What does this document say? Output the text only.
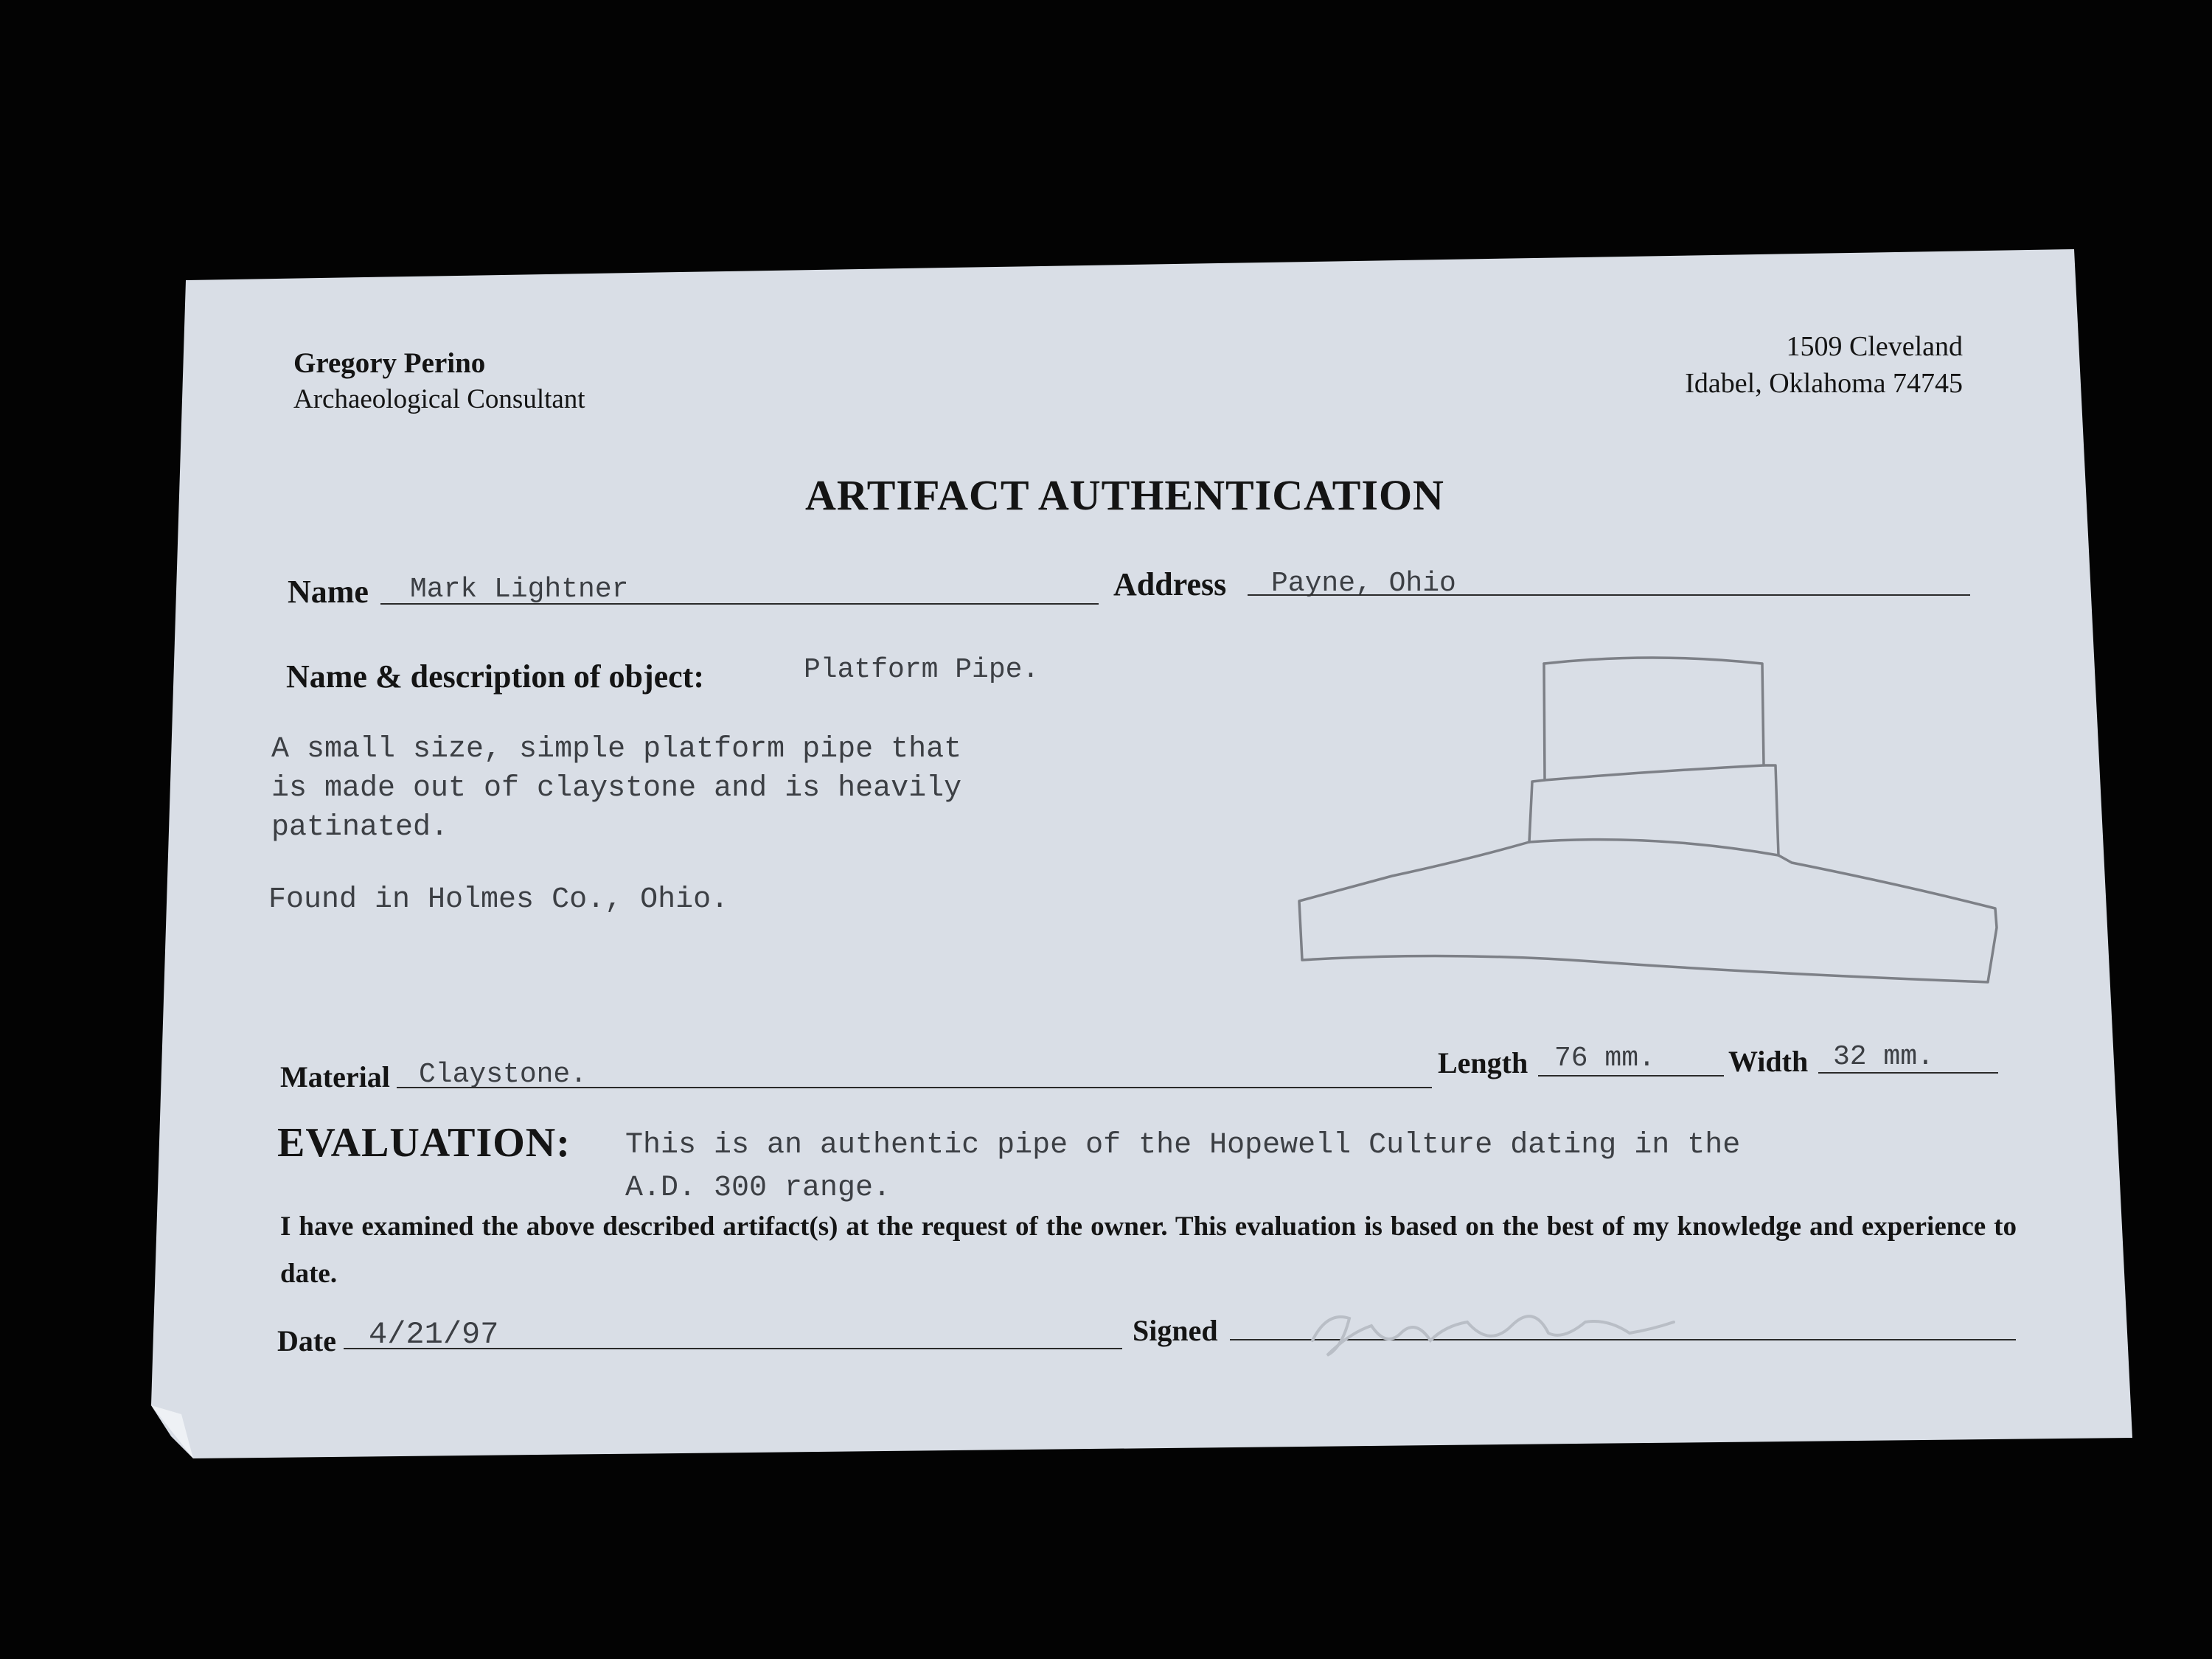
Gregory Perino
Archaeological Consultant
1509 Cleveland
Idabel, Oklahoma 74745
ARTIFACT AUTHENTICATION
Name Mark Lightner	Address Payne, Ohio
Name & description of object:	Platform Pipe.
A small size, simple platform pipe that
is made out of claystone and is heavily
patinated.
Found in Holmes Co., Ohio.
Material Claystone.	Length 76 mm. Width 32 mm.
EVALUATION: This is an authentic pipe of the Hopewell Culture dating in the
A.D. 300 range.
I have examined the above described artifact(s) at the request of the owner. This evaluation is based on the best of my knowledge and experience to date.
Date 4/21/97	Signed
